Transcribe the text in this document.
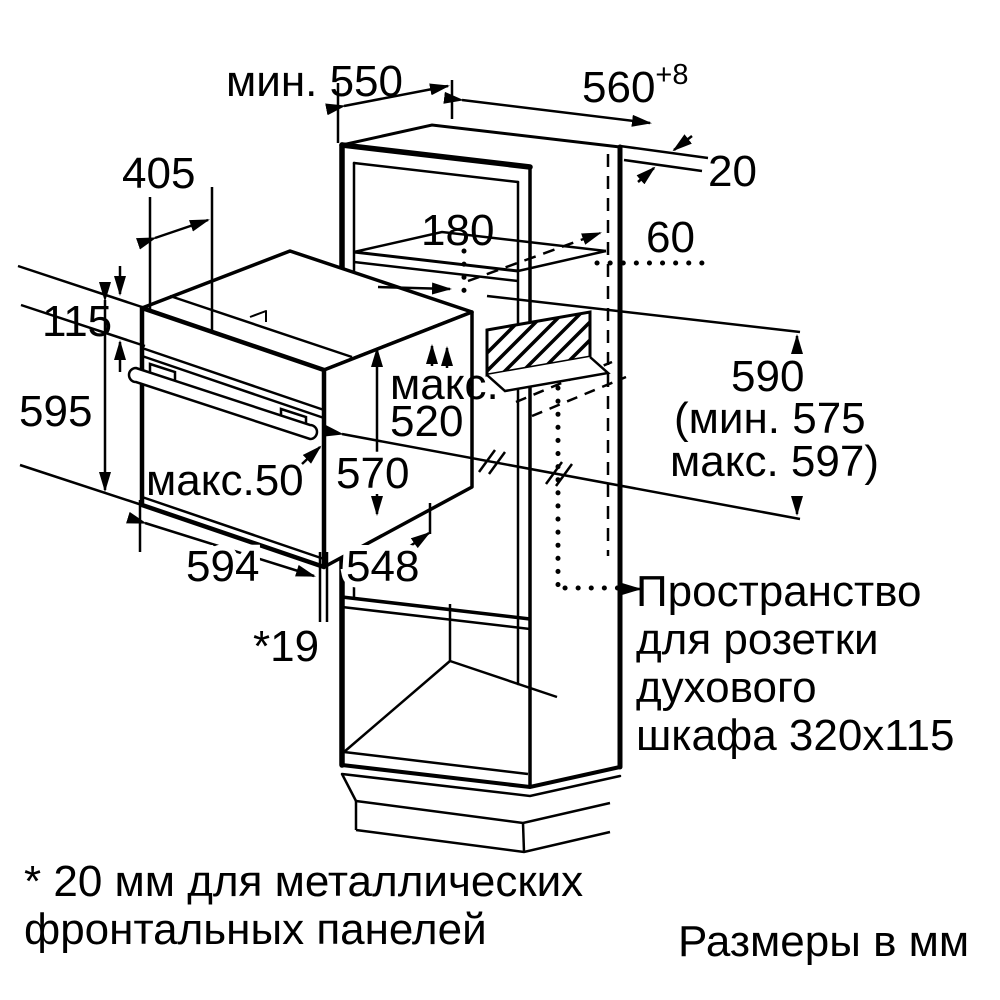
мин. 550	$560^{+8}$
20
60
405
180
115
595
макс.
520
макс.50 570
594 548
*19
590
(мин. 575
макс. 597)
Пространство
для розетки
духового
шкафа 320x115
* 20 мм для металлических
фронтальных панелей	Размеры в мм
